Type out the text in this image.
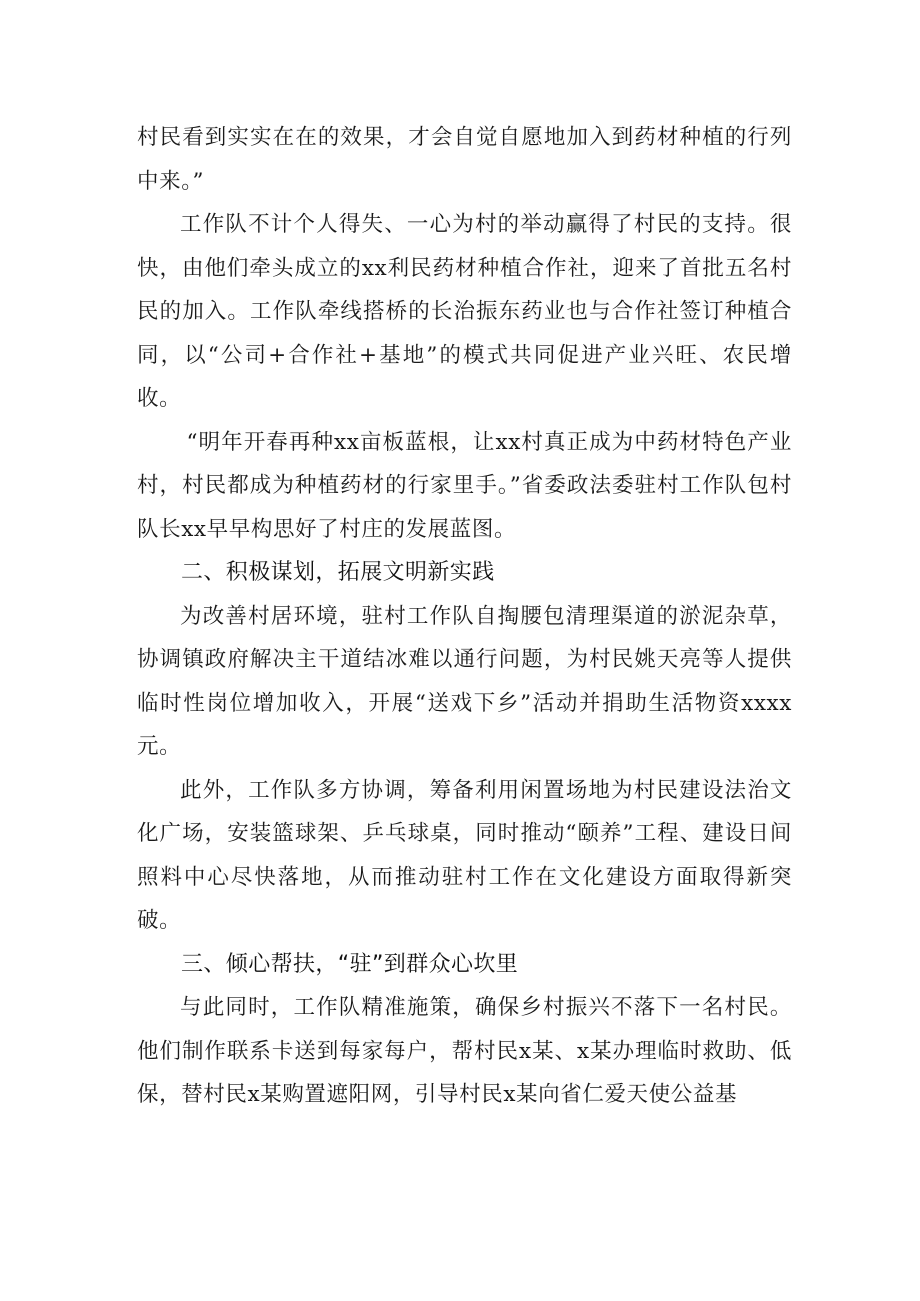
村民看到实实在在的效果，才会自觉自愿地加入到药材种植的行列中来。”

工作队不计个人得失、一心为村的举动赢得了村民的支持。很快，由他们牵头成立的xx利民药材种植合作社，迎来了首批五名村民的加入。工作队牵线搭桥的长治振东药业也与合作社签订种植合同，以“公司+合作社+基地”的模式共同促进产业兴旺、农民增收。

“明年开春再种xx亩板蓝根，让xx村真正成为中药材特色产业村，村民都成为种植药材的行家里手。”省委政法委驻村工作队包村队长xx早早构思好了村庄的发展蓝图。

二、积极谋划，拓展文明新实践

为改善村居环境，驻村工作队自掏腰包清理渠道的淤泥杂草，协调镇政府解决主干道结冰难以通行问题，为村民姚天亮等人提供临时性岗位增加收入，开展“送戏下乡”活动并捐助生活物资xxxx元。

此外，工作队多方协调，筹备利用闲置场地为村民建设法治文化广场，安装篮球架、乒乓球桌，同时推动“颐养”工程、建设日间照料中心尽快落地，从而推动驻村工作在文化建设方面取得新突破。

三、倾心帮扶，“驻”到群众心坎里

与此同时，工作队精准施策，确保乡村振兴不落下一名村民。他们制作联系卡送到每家每户，帮村民x某、x某办理临时救助、低保，替村民x某购置遮阳网，引导村民x某向省仁爱天使公益基
